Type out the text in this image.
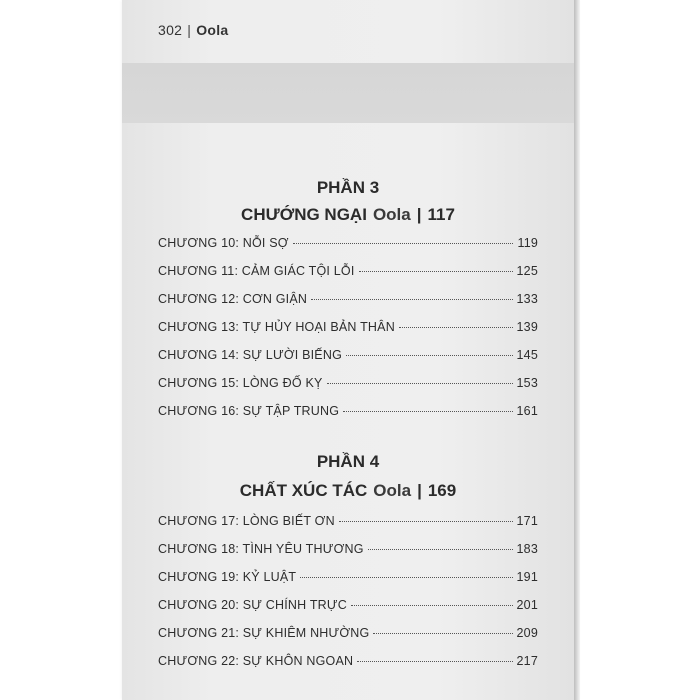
302 | Oola
PHẦN 3
CHƯỚNG NGẠI Oola | 117
CHƯƠNG 10: NỖI SỢ	119
CHƯƠNG 11: CẢM GIÁC TỘI LỖI	125
CHƯƠNG 12: CƠN GIẬN	133
CHƯƠNG 13: TỰ HỦY HOẠI BẢN THÂN	139
CHƯƠNG 14: SỰ LƯỜI BIẾNG	145
CHƯƠNG 15: LÒNG ĐỐ KỴ	153
CHƯƠNG 16: SỰ TẬP TRUNG	161
PHẦN 4
CHẤT XÚC TÁC Oola | 169
CHƯƠNG 17: LÒNG BIẾT ƠN	171
CHƯƠNG 18: TÌNH YÊU THƯƠNG	183
CHƯƠNG 19: KỶ LUẬT	191
CHƯƠNG 20: SỰ CHÍNH TRỰC	201
CHƯƠNG 21: SỰ KHIÊM NHƯỜNG	209
CHƯƠNG 22: SỰ KHÔN NGOAN	217
